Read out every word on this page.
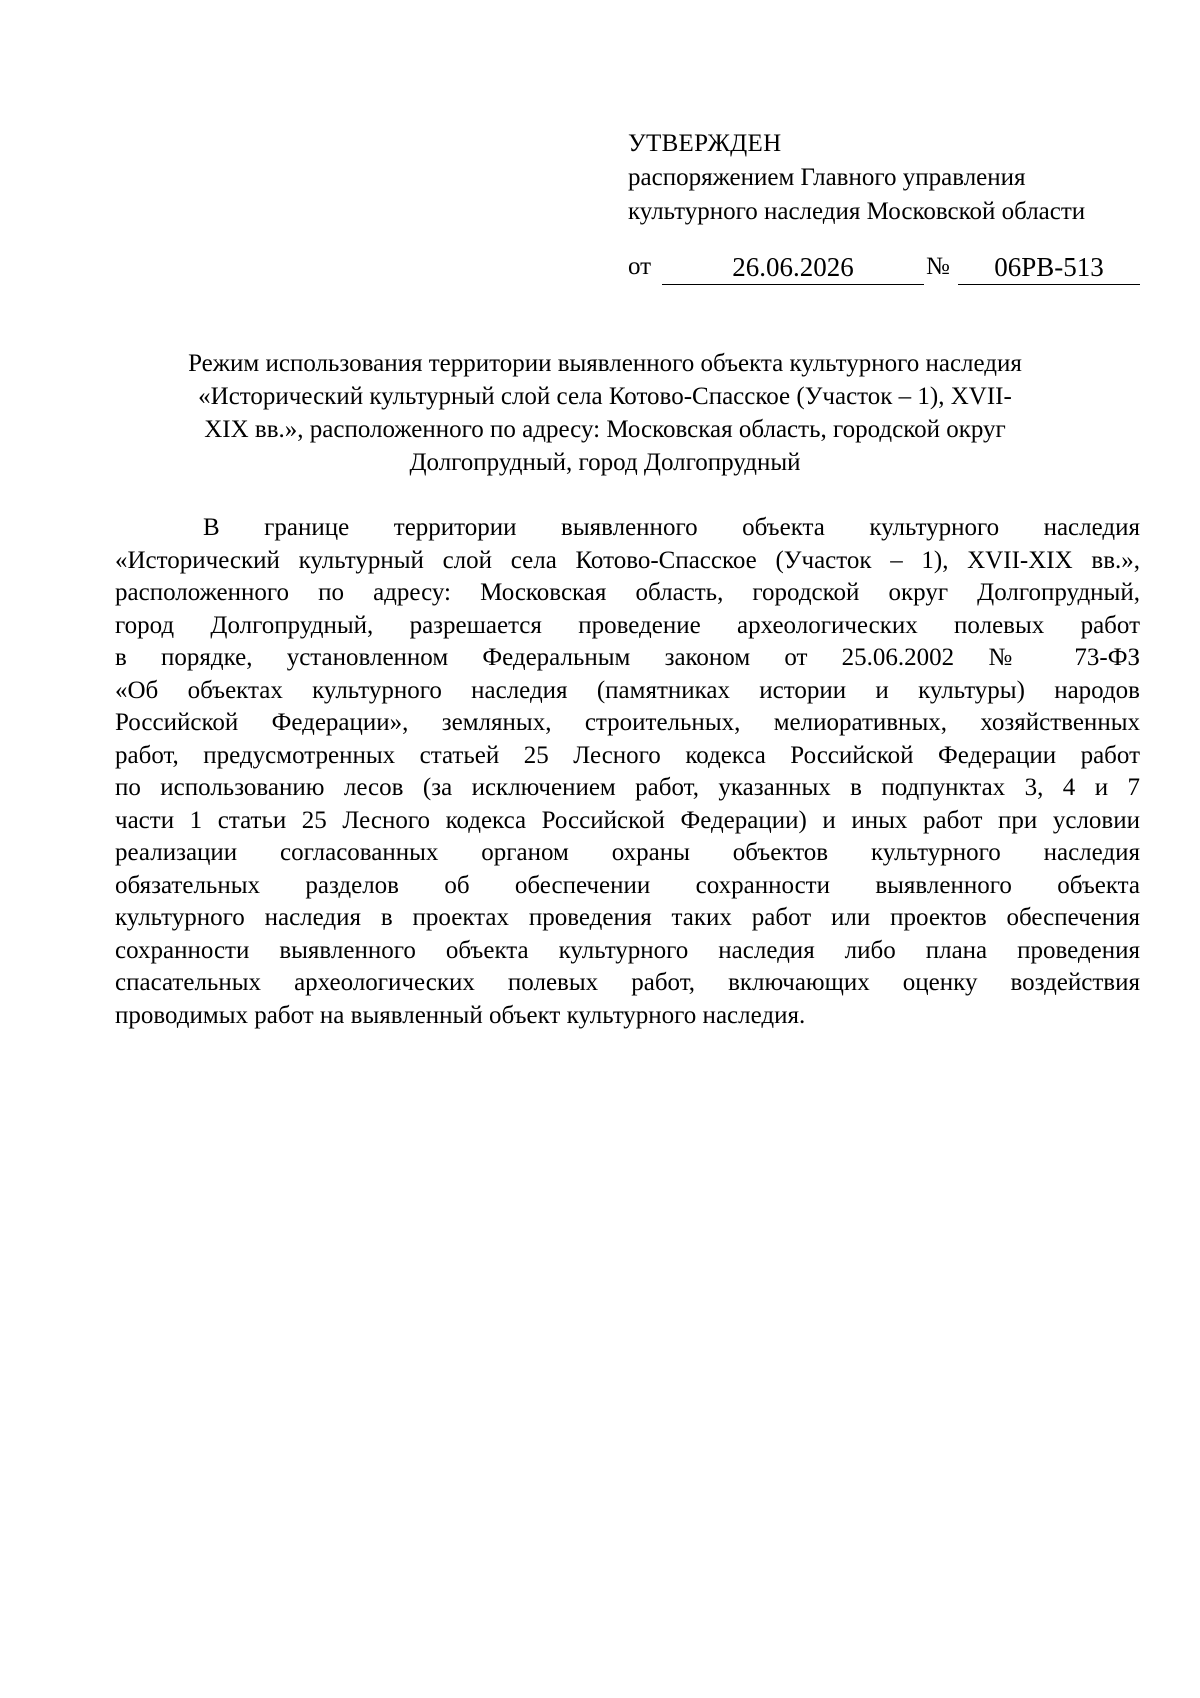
УТВЕРЖДЕН
распоряжением Главного управления
культурного наследия Московской области
от	26.06.2026	№	06РВ-513
Режим использования территории выявленного объекта культурного наследия
«Исторический культурный слой села Котово-Спасское (Участок – 1), XVII-
XIX вв.», расположенного по адресу: Московская область, городской округ
Долгопрудный, город Долгопрудный
В границе территории выявленного объекта культурного наследия
«Исторический культурный слой села Котово-Спасское (Участок – 1), XVII-XIX вв.»,
расположенного по адресу: Московская область, городской округ Долгопрудный,
город Долгопрудный, разрешается проведение археологических полевых работ
в порядке, установленном Федеральным законом от 25.06.2002 № 73-ФЗ
«Об объектах культурного наследия (памятниках истории и культуры) народов
Российской Федерации», земляных, строительных, мелиоративных, хозяйственных
работ, предусмотренных статьей 25 Лесного кодекса Российской Федерации работ
по использованию лесов (за исключением работ, указанных в подпунктах 3, 4 и 7
части 1 статьи 25 Лесного кодекса Российской Федерации) и иных работ при условии
реализации согласованных органом охраны объектов культурного наследия
обязательных разделов об обеспечении сохранности выявленного объекта
культурного наследия в проектах проведения таких работ или проектов обеспечения
сохранности выявленного объекта культурного наследия либо плана проведения
спасательных археологических полевых работ, включающих оценку воздействия
проводимых работ на выявленный объект культурного наследия.
